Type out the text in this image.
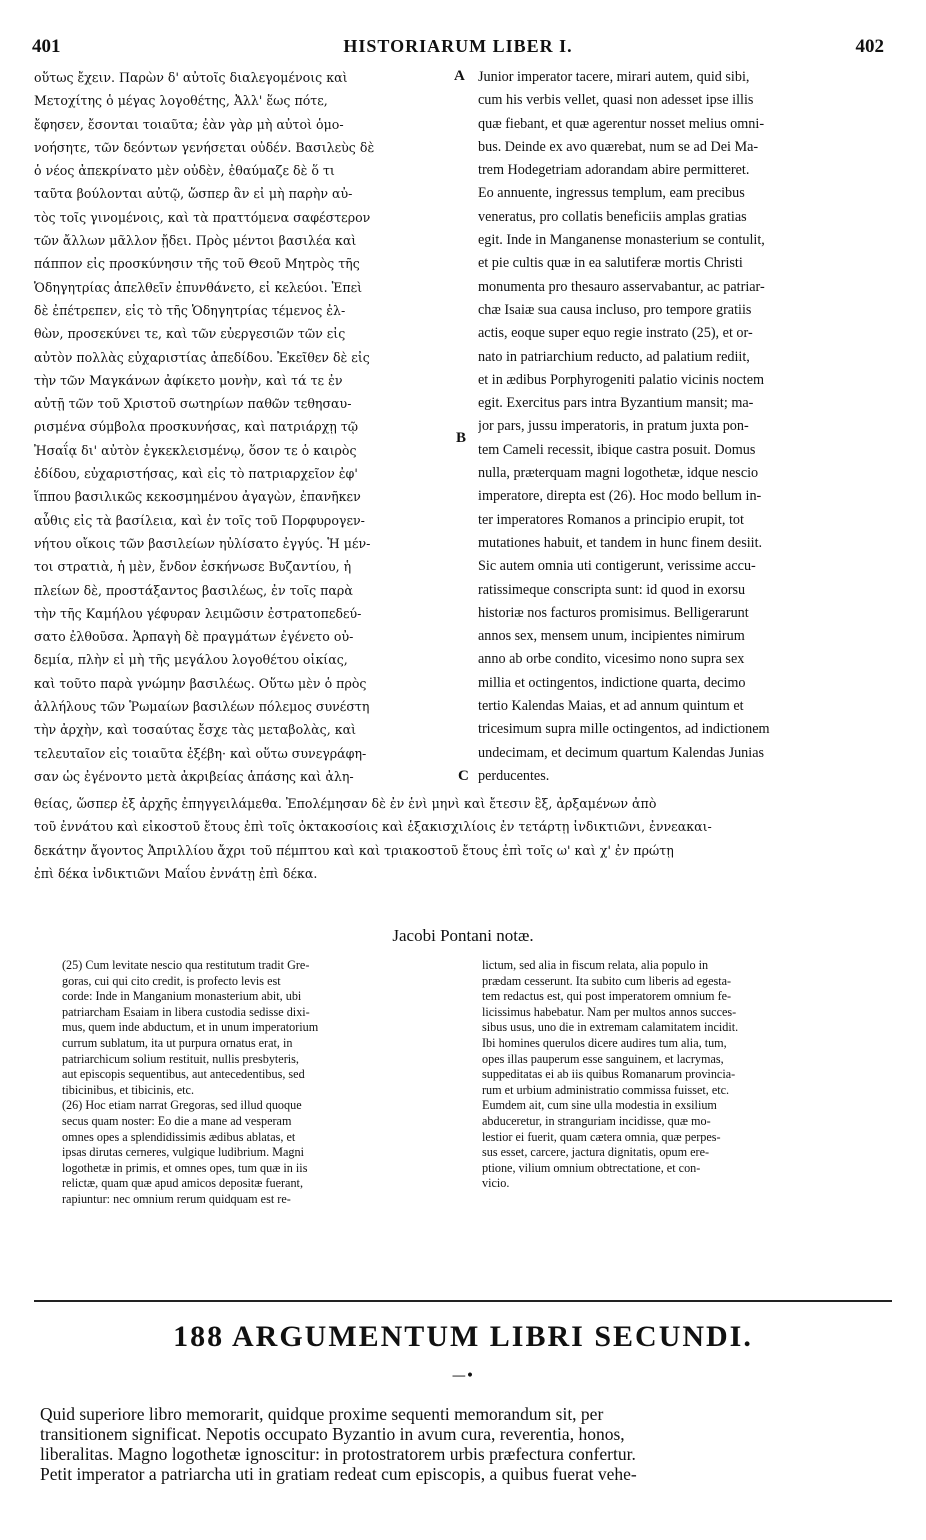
401	HISTORIARUM LIBER I.	402
οὕτως ἔχειν. Παρὼν δ' αὐτοῖς διαλεγομένοις καὶ
Μετοχίτης ὁ μέγας λογοθέτης, Ἀλλ' ἕως πότε,
ἔφησεν, ἔσονται τοιαῦτα; ἐὰν γὰρ μὴ αὐτοὶ ὁμο-
νοήσητε, τῶν δεόντων γενήσεται οὐδέν. Βασιλεὺς δὲ
ὁ νέος ἀπεκρίνατο μὲν οὐδὲν, ἐθαύμαζε δὲ ὅ τι
ταῦτα βούλονται αὐτῷ, ὥσπερ ἂν εἰ μὴ παρὴν αὐ-
τὸς τοῖς γινομένοις, καὶ τὰ πραττόμενα σαφέστερον
τῶν ἄλλων μᾶλλον ᾔδει. Πρὸς μέντοι βασιλέα καὶ
πάππον εἰς προσκύνησιν τῆς τοῦ Θεοῦ Μητρὸς τῆς
Ὁδηγητρίας ἀπελθεῖν ἐπυνθάνετο, εἰ κελεύοι. Ἐπεὶ
δὲ ἐπέτρεπεν, εἰς τὸ τῆς Ὁδηγητρίας τέμενος ἐλ-
θὼν, προσεκύνει τε, καὶ τῶν εὐεργεσιῶν τῶν εἰς
αὐτὸν πολλὰς εὐχαριστίας ἀπεδίδου. Ἐκεῖθεν δὲ εἰς
τὴν τῶν Μαγκάνων ἀφίκετο μονὴν, καὶ τά τε ἐν
αὐτῇ τῶν τοῦ Χριστοῦ σωτηρίων παθῶν τεθησαυ-
ρισμένα σύμβολα προσκυνήσας, καὶ πατριάρχῃ τῷ
Ἠσαΐᾳ δι' αὐτὸν ἐγκεκλεισμένῳ, ὅσον τε ὁ καιρὸς
ἐδίδου, εὐχαριστήσας, καὶ εἰς τὸ πατριαρχεῖον ἐφ'
ἵππου βασιλικῶς κεκοσμημένου ἀγαγὼν, ἐπανῆκεν
αὖθις εἰς τὰ βασίλεια, καὶ ἐν τοῖς τοῦ Πορφυρογεν-
νήτου οἴκοις τῶν βασιλείων ηὐλίσατο ἐγγύς. Ἡ μέν-
τοι στρατιὰ, ἡ μὲν, ἔνδον ἐσκήνωσε Βυζαντίου, ἡ
πλείων δὲ, προστάξαντος βασιλέως, ἐν τοῖς παρὰ
τὴν τῆς Καμήλου γέφυραν λειμῶσιν ἐστρατοπεδεύ-
σατο ἐλθοῦσα. Ἁρπαγὴ δὲ πραγμάτων ἐγένετο οὐ-
δεμία, πλὴν εἰ μὴ τῆς μεγάλου λογοθέτου οἰκίας,
καὶ τοῦτο παρὰ γνώμην βασιλέως. Οὕτω μὲν ὁ πρὸς
ἀλλήλους τῶν Ῥωμαίων βασιλέων πόλεμος συνέστη
τὴν ἀρχὴν, καὶ τοσαύτας ἔσχε τὰς μεταβολὰς, καὶ
τελευταῖον εἰς τοιαῦτα ἐξέβη· καὶ οὕτω συνεγράφη-
σαν ὡς ἐγένοντο μετὰ ἀκριβείας ἁπάσης καὶ ἀλη-
Junior imperator tacere, mirari autem, quid sibi,
cum his verbis vellet, quasi non adesset ipse illis
quæ fiebant, et quæ agerentur nosset melius omni-
bus. Deinde ex avo quærebat, num se ad Dei Ma-
trem Hodegetriam adorandam abire permitteret.
Eo annuente, ingressus templum, eam precibus
veneratus, pro collatis beneficiis amplas gratias
egit. Inde in Manganense monasterium se contulit,
et pie cultis quæ in ea salutiferæ mortis Christi
monumenta pro thesauro asservabantur, ac patriar-
chæ Isaiæ sua causa incluso, pro tempore gratiis
actis, eoque super equo regie instrato (25), et or-
nato in patriarchium reducto, ad palatium rediit,
et in ædibus Porphyrogeniti palatio vicinis noctem
egit. Exercitus pars intra Byzantium mansit; ma-
jor pars, jussu imperatoris, in pratum juxta pon-
tem Cameli recessit, ibique castra posuit. Domus
nulla, præterquam magni logothetæ, idque nescio
imperatore, direpta est (26). Hoc modo bellum in-
ter imperatores Romanos a principio erupit, tot
mutationes habuit, et tandem in hunc finem desiit.
Sic autem omnia uti contigerunt, verissime accu-
ratissimeque conscripta sunt: id quod in exorsu
historiæ nos facturos promisimus. Belligerarunt
annos sex, mensem unum, incipientes nimirum
anno ab orbe condito, vicesimo nono supra sex
millia et octingentos, indictione quarta, decimo
tertio Kalendas Maias, et ad annum quintum et
tricesimum supra mille octingentos, ad indictionem
undecimam, et decimum quartum Kalendas Junias
perducentes.
A
B
C
θείας, ὥσπερ ἐξ ἀρχῆς ἐπηγγειλάμεθα. Ἐπολέμησαν δὲ ἐν ἑνὶ μηνὶ καὶ ἔτεσιν ἓξ, ἀρξαμένων ἀπὸ
τοῦ ἐννάτου καὶ εἰκοστοῦ ἔτους ἐπὶ τοῖς ὀκτακοσίοις καὶ ἑξακισχιλίοις ἐν τετάρτῃ ἰνδικτιῶνι, ἐννεακαι-
δεκάτην ἄγοντος Ἀπριλλίου ἄχρι τοῦ πέμπτου καὶ καὶ τριακοστοῦ ἔτους ἐπὶ τοῖς ω' καὶ χ' ἐν πρώτῃ
ἐπὶ δέκα ἰνδικτιῶνι Μαΐου ἐννάτῃ ἐπὶ δέκα.
Jacobi Pontani notæ.
(25) Cum levitate nescio qua restitutum tradit Gre-
goras, cui qui cito credit, is profecto levis est
corde: Inde in Manganium monasterium abit, ubi
patriarcham Esaiam in libera custodia sedisse dixi-
mus, quem inde abductum, et in unum imperatorium
currum sublatum, ita ut purpura ornatus erat, in
patriarchicum solium restituit, nullis presbyteris,
aut episcopis sequentibus, aut antecedentibus, sed
tibicinibus, et tibicinis, etc.
(26) Hoc etiam narrat Gregoras, sed illud quoque
secus quam noster: Eo die a mane ad vesperam
omnes opes a splendidissimis ædibus ablatas, et
ipsas dirutas cerneres, vulgique ludibrium. Magni
logothetæ in primis, et omnes opes, tum quæ in iis
relictæ, quam quæ apud amicos depositæ fuerant,
rapiuntur: nec omnium rerum quidquam est re-
lictum, sed alia in fiscum relata, alia populo in
prædam cesserunt. Ita subito cum liberis ad egesta-
tem redactus est, qui post imperatorem omnium fe-
licissimus habebatur. Nam per multos annos succes-
sibus usus, uno die in extremam calamitatem incidit.
Ibi homines querulos dicere audires tum alia, tum,
opes illas pauperum esse sanguinem, et lacrymas,
suppeditatas ei ab iis quibus Romanarum provincia-
rum et urbium administratio commissa fuisset, etc.
Eumdem ait, cum sine ulla modestia in exsilium
abduceretur, in stranguriam incidisse, quæ mo-
lestior ei fuerit, quam cætera omnia, quæ perpes-
sus esset, carcere, jactura dignitatis, opum ere-
ptione, vilium omnium obtrectatione, et con-
vicio.
188 ARGUMENTUM LIBRI SECUNDI.
—•
Quid superiore libro memorarit, quidque proxime sequenti memorandum sit, per
transitionem significat. Nepotis occupato Byzantio in avum cura, reverentia, honos,
liberalitas. Magno logothetæ ignoscitur: in protostratorem urbis præfectura confertur.
Petit imperator a patriarcha uti in gratiam redeat cum episcopis, a quibus fuerat vehe-
